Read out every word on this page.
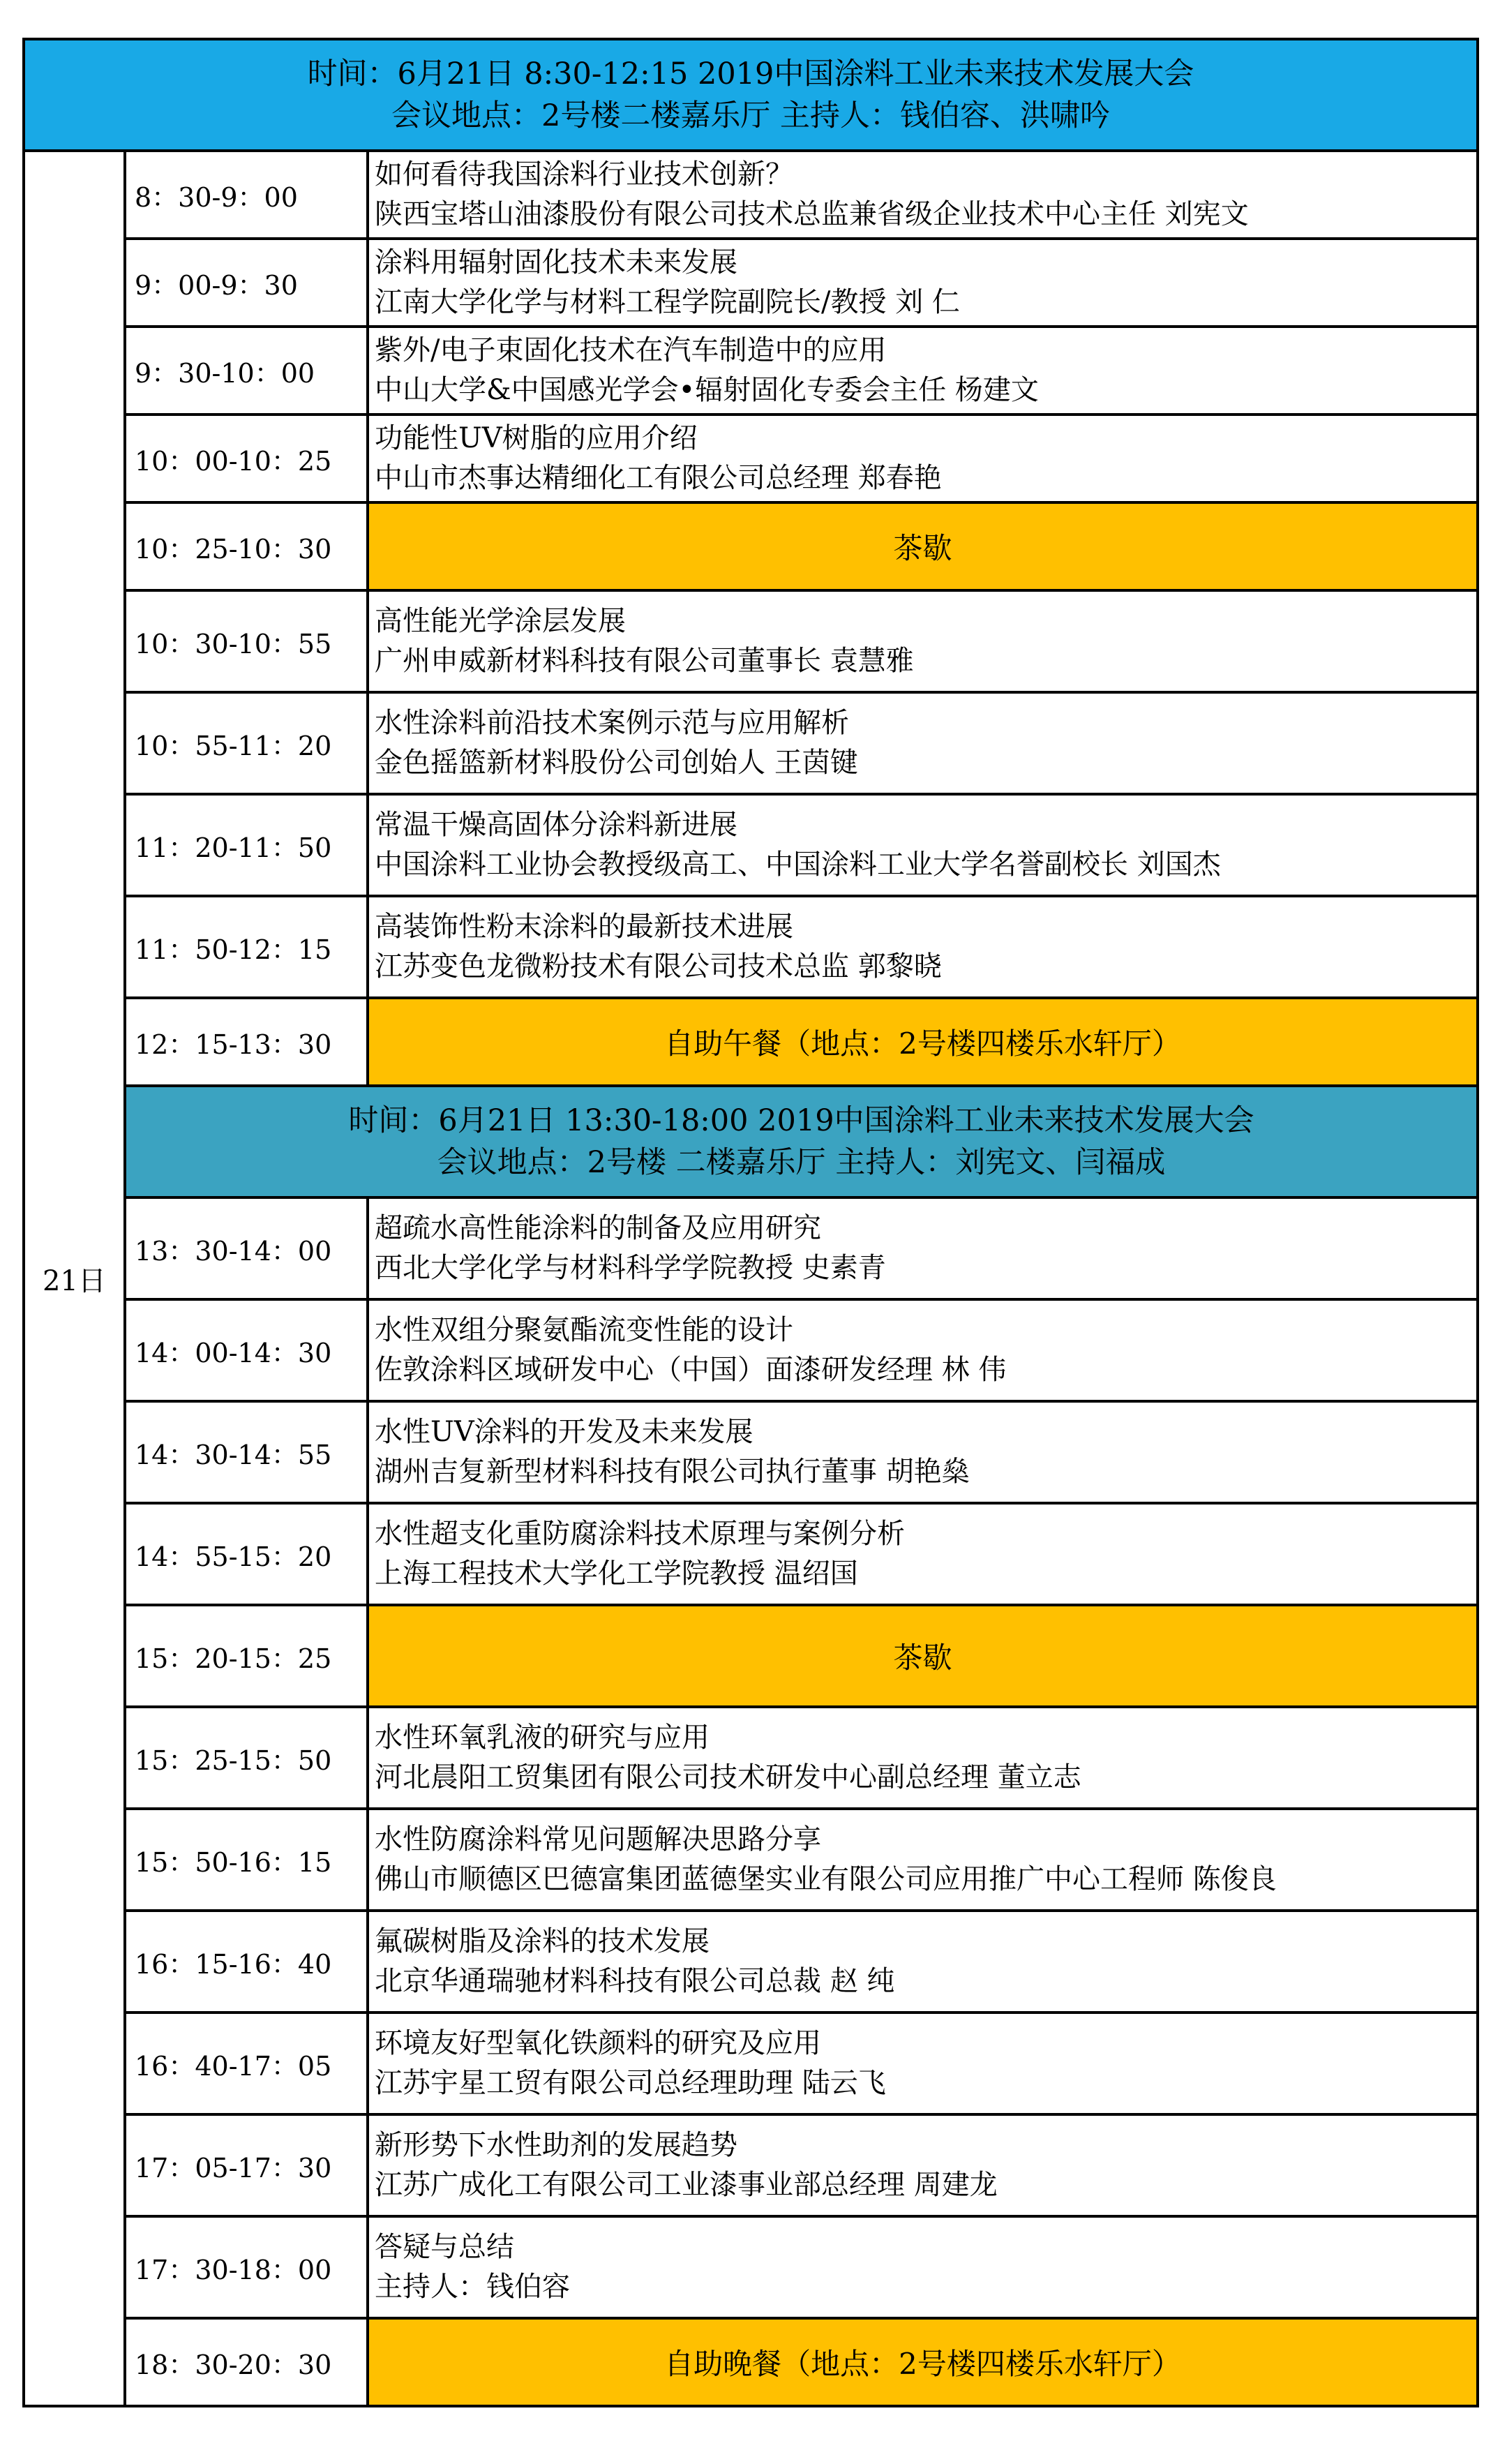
时间：6月21日 8:30-12:15 2019中国涂料工业未来技术发展大会
会议地点：2号楼二楼嘉乐厅 主持人：钱伯容、洪啸吟		

21日	8：30-9：00	如何看待我国涂料行业技术创新？
陕西宝塔山油漆股份有限公司技术总监兼省级企业技术中心主任 刘宪文

	9：00-9：30	涂料用辐射固化技术未来发展
江南大学化学与材料工程学院副院长/教授 刘 仁

	9：30-10：00	紫外/电子束固化技术在汽车制造中的应用
中山大学&中国感光学会•辐射固化专委会主任 杨建文

	10：00-10：25	功能性UV树脂的应用介绍
中山市杰事达精细化工有限公司总经理 郑春艳

	10：25-10：30	茶歇
	10：30-10：55	高性能光学涂层发展
广州申威新材料科技有限公司董事长 袁慧雅

	10：55-11：20	水性涂料前沿技术案例示范与应用解析
金色摇篮新材料股份公司创始人 王茵键

	11：20-11：50	常温干燥高固体分涂料新进展
中国涂料工业协会教授级高工、中国涂料工业大学名誉副校长 刘国杰

	11：50-12：15	高装饰性粉末涂料的最新技术进展
江苏变色龙微粉技术有限公司技术总监 郭黎晓

	12：15-13：30	自助午餐（地点：2号楼四楼乐水轩厅）

	时间：6月21日 13:30-18:00 2019中国涂料工业未来技术发展大会
会议地点：2号楼 二楼嘉乐厅 主持人：刘宪文、闫福成	

	13：30-14：00	超疏水高性能涂料的制备及应用研究
西北大学化学与材料科学学院教授 史素青

	14：00-14：30	水性双组分聚氨酯流变性能的设计
佐敦涂料区域研发中心（中国）面漆研发经理 林 伟

	14：30-14：55	水性UV涂料的开发及未来发展
湖州吉复新型材料科技有限公司执行董事 胡艳燊

	14：55-15：20	水性超支化重防腐涂料技术原理与案例分析
上海工程技术大学化工学院教授 温绍国

	15：20-15：25	茶歇
	15：25-15：50	水性环氧乳液的研究与应用
河北晨阳工贸集团有限公司技术研发中心副总经理 董立志

	15：50-16：15	水性防腐涂料常见问题解决思路分享
佛山市顺德区巴德富集团蓝德堡实业有限公司应用推广中心工程师 陈俊良

	16：15-16：40	氟碳树脂及涂料的技术发展
北京华通瑞驰材料科技有限公司总裁 赵 纯

	16：40-17：05	环境友好型氧化铁颜料的研究及应用
江苏宇星工贸有限公司总经理助理 陆云飞

	17：05-17：30	新形势下水性助剂的发展趋势
江苏广成化工有限公司工业漆事业部总经理 周建龙

	17：30-18：00	答疑与总结
主持人：钱伯容

	18：30-20：30	自助晚餐（地点：2号楼四楼乐水轩厅）
